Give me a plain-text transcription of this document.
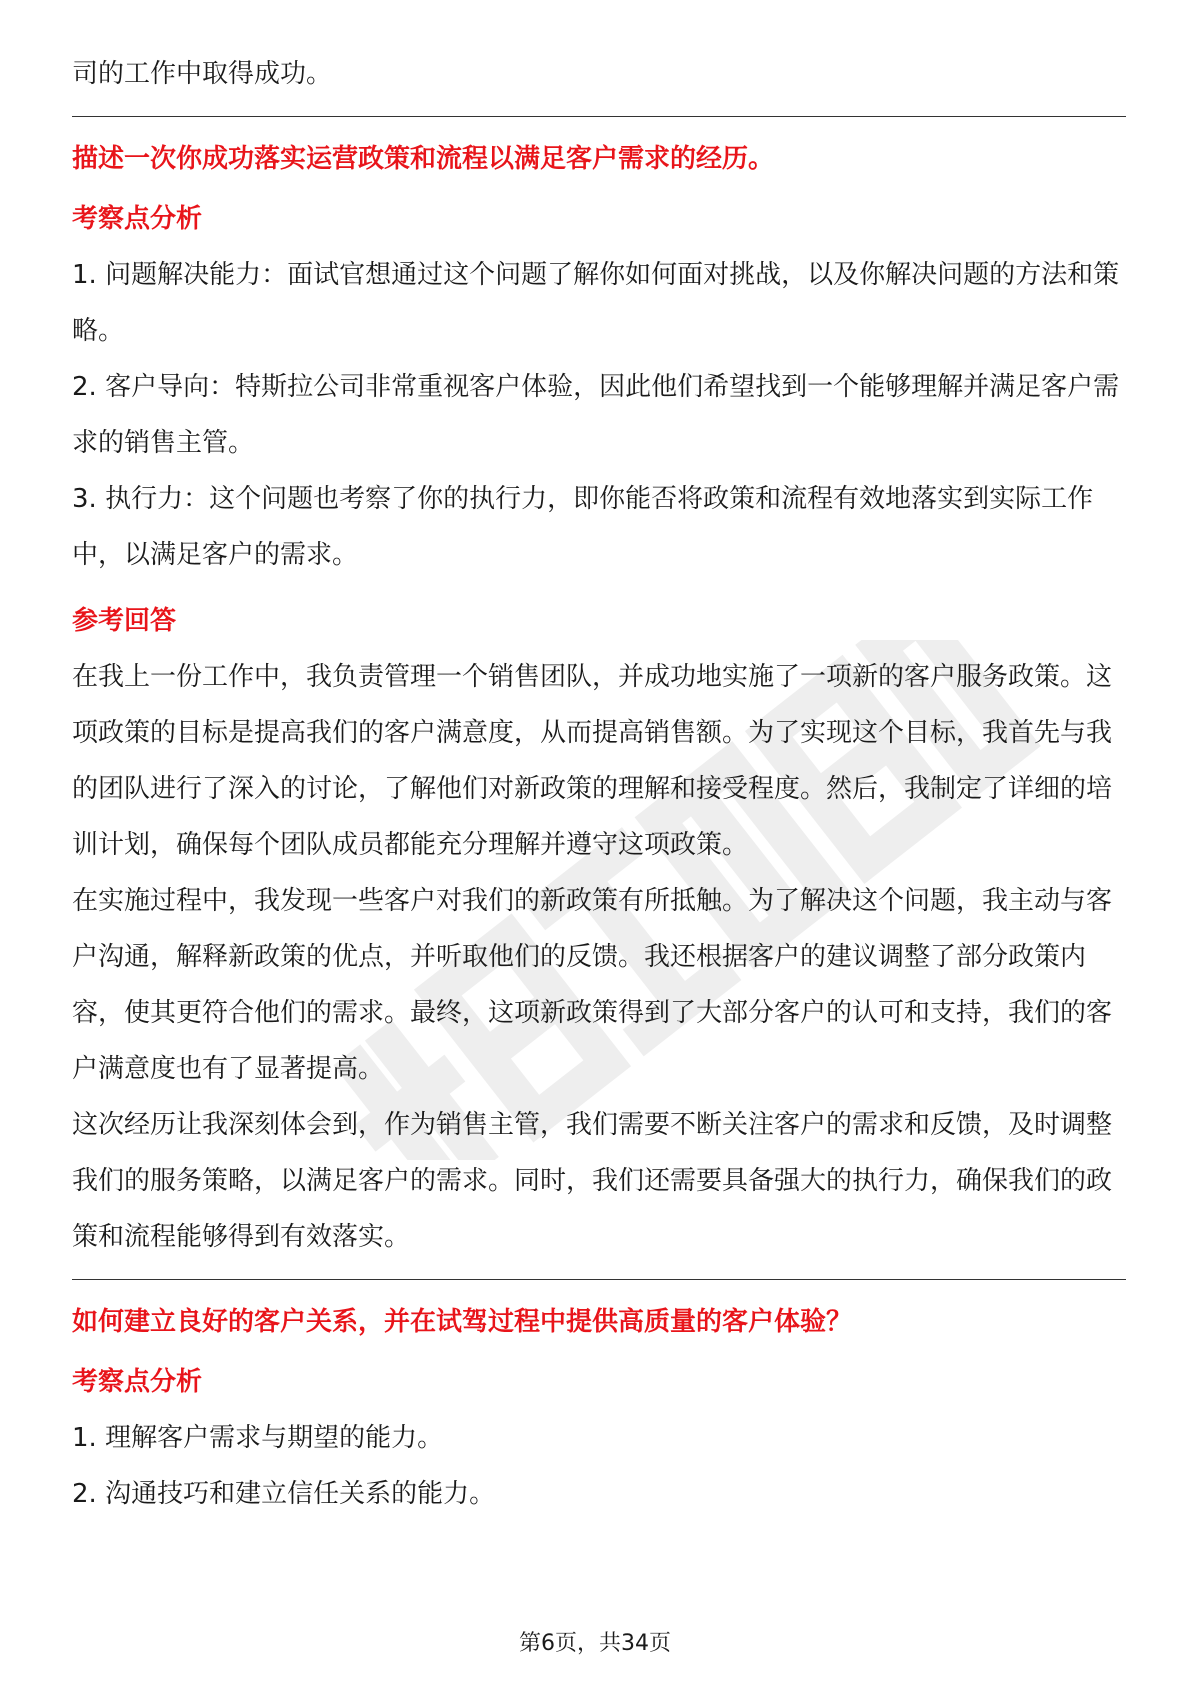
司的工作中取得成功。

描述一次你成功落实运营政策和流程以满足客户需求的经历。

考察点分析

1. 问题解决能力：面试官想通过这个问题了解你如何面对挑战，以及你解决问题的方法和策略。

2. 客户导向：特斯拉公司非常重视客户体验，因此他们希望找到一个能够理解并满足客户需求的销售主管。

3. 执行力：这个问题也考察了你的执行力，即你能否将政策和流程有效地落实到实际工作中，以满足客户的需求。

参考回答

在我上一份工作中，我负责管理一个销售团队，并成功地实施了一项新的客户服务政策。这项政策的目标是提高我们的客户满意度，从而提高销售额。为了实现这个目标，我首先与我的团队进行了深入的讨论，了解他们对新政策的理解和接受程度。然后，我制定了详细的培训计划，确保每个团队成员都能充分理解并遵守这项政策。

在实施过程中，我发现一些客户对我们的新政策有所抵触。为了解决这个问题，我主动与客户沟通，解释新政策的优点，并听取他们的反馈。我还根据客户的建议调整了部分政策内容，使其更符合他们的需求。最终，这项新政策得到了大部分客户的认可和支持，我们的客户满意度也有了显著提高。

这次经历让我深刻体会到，作为销售主管，我们需要不断关注客户的需求和反馈，及时调整我们的服务策略，以满足客户的需求。同时，我们还需要具备强大的执行力，确保我们的政策和流程能够得到有效落实。

如何建立良好的客户关系，并在试驾过程中提供高质量的客户体验？

考察点分析

1. 理解客户需求与期望的能力。

2. 沟通技巧和建立信任关系的能力。

第6页，共34页
